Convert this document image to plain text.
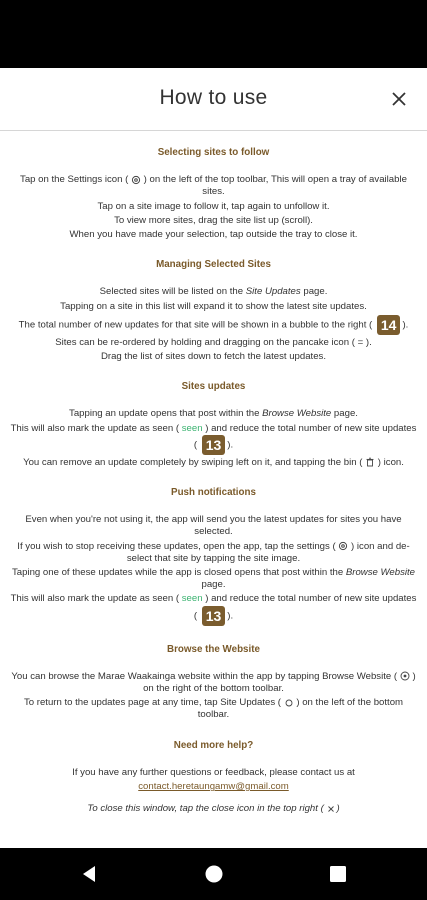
How to use
Selecting sites to follow
Tap on the Settings icon ( ) on the left of the top toolbar, This will open a tray of available sites.
Tap on a site image to follow it, tap again to unfollow it.
To view more sites, drag the site list up (scroll).
When you have made your selection, tap outside the tray to close it.
Managing Selected Sites
Selected sites will be listed on the Site Updates page.
Tapping on a site in this list will expand it to show the latest site updates.
The total number of new updates for that site will be shown in a bubble to the right ( 14 ).
Sites can be re-ordered by holding and dragging on the pancake icon ( = ).
Drag the list of sites down to fetch the latest updates.
Sites updates
Tapping an update opens that post within the Browse Website page.
This will also mark the update as seen ( seen ) and reduce the total number of new site updates ( 13 ).
You can remove an update completely by swiping left on it, and tapping the bin ( ) icon.
Push notifications
Even when you're not using it, the app will send you the latest updates for sites you have selected.
If you wish to stop receiving these updates, open the app, tap the settings ( ) icon and de-select that site by tapping the site image.
Taping one of these updates while the app is closed opens that post within the Browse Website page.
This will also mark the update as seen ( seen ) and reduce the total number of new site updates ( 13 ).
Browse the Website
You can browse the Marae Waakainga website within the app by tapping Browse Website ( ) on the right of the bottom toolbar.
To return to the updates page at any time, tap Site Updates ( ) on the left of the bottom toolbar.
Need more help?
If you have any further questions or feedback, please contact us at
contact.heretaungamw@gmail.com
To close this window, tap the close icon in the top right ( )
